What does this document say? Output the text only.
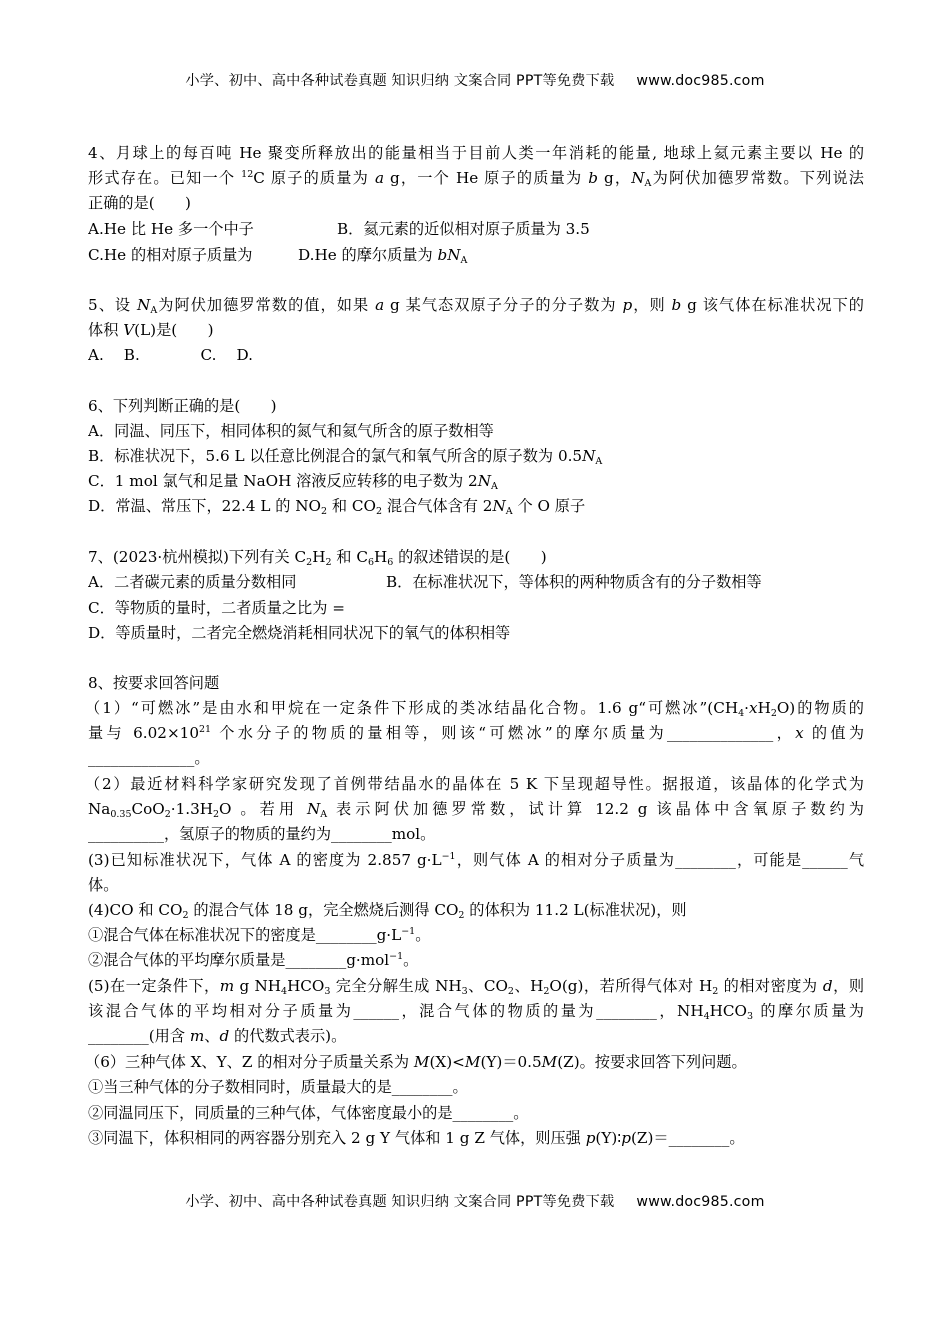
小学、初中、高中各种试卷真题 知识归纳 文案合同 PPT等免费下载 www.doc985.com
4、月球上的每百吨 He 聚变所释放出的能量相当于目前人类一年消耗的能量, 地球上氦元素主要以 He 的
形式存在。已知一个 $^{12}$C 原子的质量为 a g，一个 He 原子的质量为 b g，$N_A$为阿伏加德罗常数。下列说法
正确的是(　　)
A.He 比 He 多一个中子	B．氦元素的近似相对原子质量为 3.5
C.He 的相对原子质量为	D.He 的摩尔质量为 $bN_A$
5、设 $N_A$为阿伏加德罗常数的值，如果 a g 某气态双原子分子的分子数为 p，则 b g 该气体在标准状况下的
体积 V(L)是(　　)
A.　 B.　　　　C.　 D.
6、下列判断正确的是(　　)
A．同温、同压下，相同体积的氮气和氦气所含的原子数相等
B．标准状况下，5.6 L 以任意比例混合的氯气和氧气所含的原子数为 $0.5N_A$
C．1 mol 氯气和足量 NaOH 溶液反应转移的电子数为 $2N_A$
D．常温、常压下，22.4 L 的 $NO_2$ 和 $CO_2$ 混合气体含有 $2N_A$ 个 O 原子
7、(2023·杭州模拟)下列有关 $C_2H_2$ 和 $C_6H_6$ 的叙述错误的是(　　)
A．二者碳元素的质量分数相同	B．在标准状况下，等体积的两种物质含有的分子数相等
C．等物质的量时，二者质量之比为 =
D．等质量时，二者完全燃烧消耗相同状况下的氧气的体积相等
8、按要求回答问题
（1）“可燃冰”是由水和甲烷在一定条件下形成的类冰结晶化合物。1.6 g“可燃冰$”(CH_4\cdot xH_2O)$的物质的
量与 $6.02\times 10^{21}$ 个水分子的物质的量相等，则该“可燃冰”的摩尔质量为______________，x 的值为
______________。
（2）最近材料科学家研究发现了首例带结晶水的晶体在 5 K 下呈现超导性。据报道，该晶体的化学式为
$Na_{0.35}CoO_2\cdot 1.3H_2O$ 。若用 $N_A$ 表示阿伏加德罗常数，试计算 12.2 g 该晶体中含氧原子数约为
__________，氢原子的物质的量约为________mol。
(3)已知标准状况下，气体 A 的密度为 2.857 $g\cdot L^{-1}$，则气体 A 的相对分子质量为________，可能是______气
体。
(4)CO 和 $CO_2$ 的混合气体 18 g，完全燃烧后测得 $CO_2$ 的体积为 11.2 L(标准状况)，则
①混合气体在标准状况下的密度是$\_\_\_\_\_\_\_\_g\cdot L^{-1}$。
②混合气体的平均摩尔质量是________g·mol$^{-1}$。
(5)在一定条件下，m g $NH_4HCO_3$ 完全分解生成 $NH_3$、$CO_2$、$H_2O(g)$，若所得气体对 $H_2$ 的相对密度为 d，则
该混合气体的平均相对分子质量为______，混合气体的物质的量为________，$NH_4HCO_3$ 的摩尔质量为
________(用含 m、d 的代数式表示)。
（6）三种气体 X、Y、Z 的相对分子质量关系为 M(X)<M(Y)＝0.5M(Z)。按要求回答下列问题。
①当三种气体的分子数相同时，质量最大的是________。
②同温同压下，同质量的三种气体，气体密度最小的是________。
③同温下，体积相同的两容器分别充入 2 g Y 气体和 1 g Z 气体，则压强 p(Y)∶p(Z)＝________。
小学、初中、高中各种试卷真题 知识归纳 文案合同 PPT等免费下载 www.doc985.com
